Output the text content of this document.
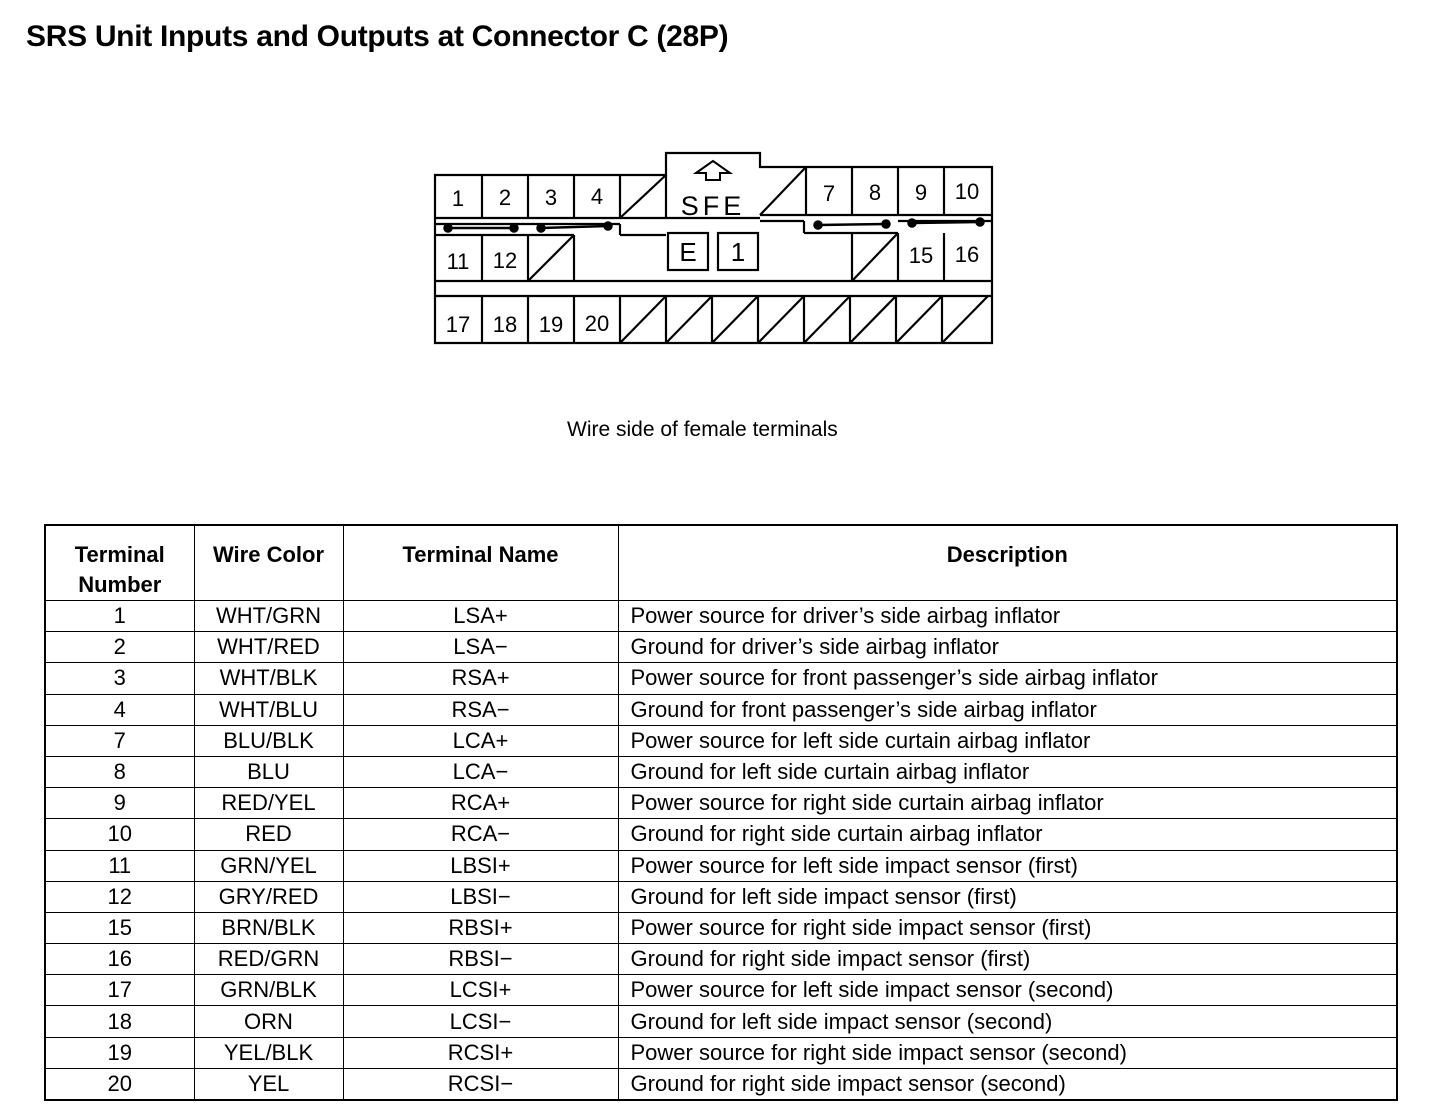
SRS Unit Inputs and Outputs at Connector C (28P)
SFE
E 1
1 2 3 4	7 8 9 10
11 12	15 16
17 18 19 20
Wire side of female terminals
Terminal Number	Wire Color	Terminal Name	Description
1	WHT/GRN	LSA+	Power source for driver’s side airbag inflator
2	WHT/RED	LSA−	Ground for driver’s side airbag inflator
3	WHT/BLK	RSA+	Power source for front passenger’s side airbag inflator
4	WHT/BLU	RSA−	Ground for front passenger’s side airbag inflator
7	BLU/BLK	LCA+	Power source for left side curtain airbag inflator
8	BLU	LCA−	Ground for left side curtain airbag inflator
9	RED/YEL	RCA+	Power source for right side curtain airbag inflator
10	RED	RCA−	Ground for right side curtain airbag inflator
11	GRN/YEL	LBSI+	Power source for left side impact sensor (first)
12	GRY/RED	LBSI−	Ground for left side impact sensor (first)
15	BRN/BLK	RBSI+	Power source for right side impact sensor (first)
16	RED/GRN	RBSI−	Ground for right side impact sensor (first)
17	GRN/BLK	LCSI+	Power source for left side impact sensor (second)
18	ORN	LCSI−	Ground for left side impact sensor (second)
19	YEL/BLK	RCSI+	Power source for right side impact sensor (second)
20	YEL	RCSI−	Ground for right side impact sensor (second)
